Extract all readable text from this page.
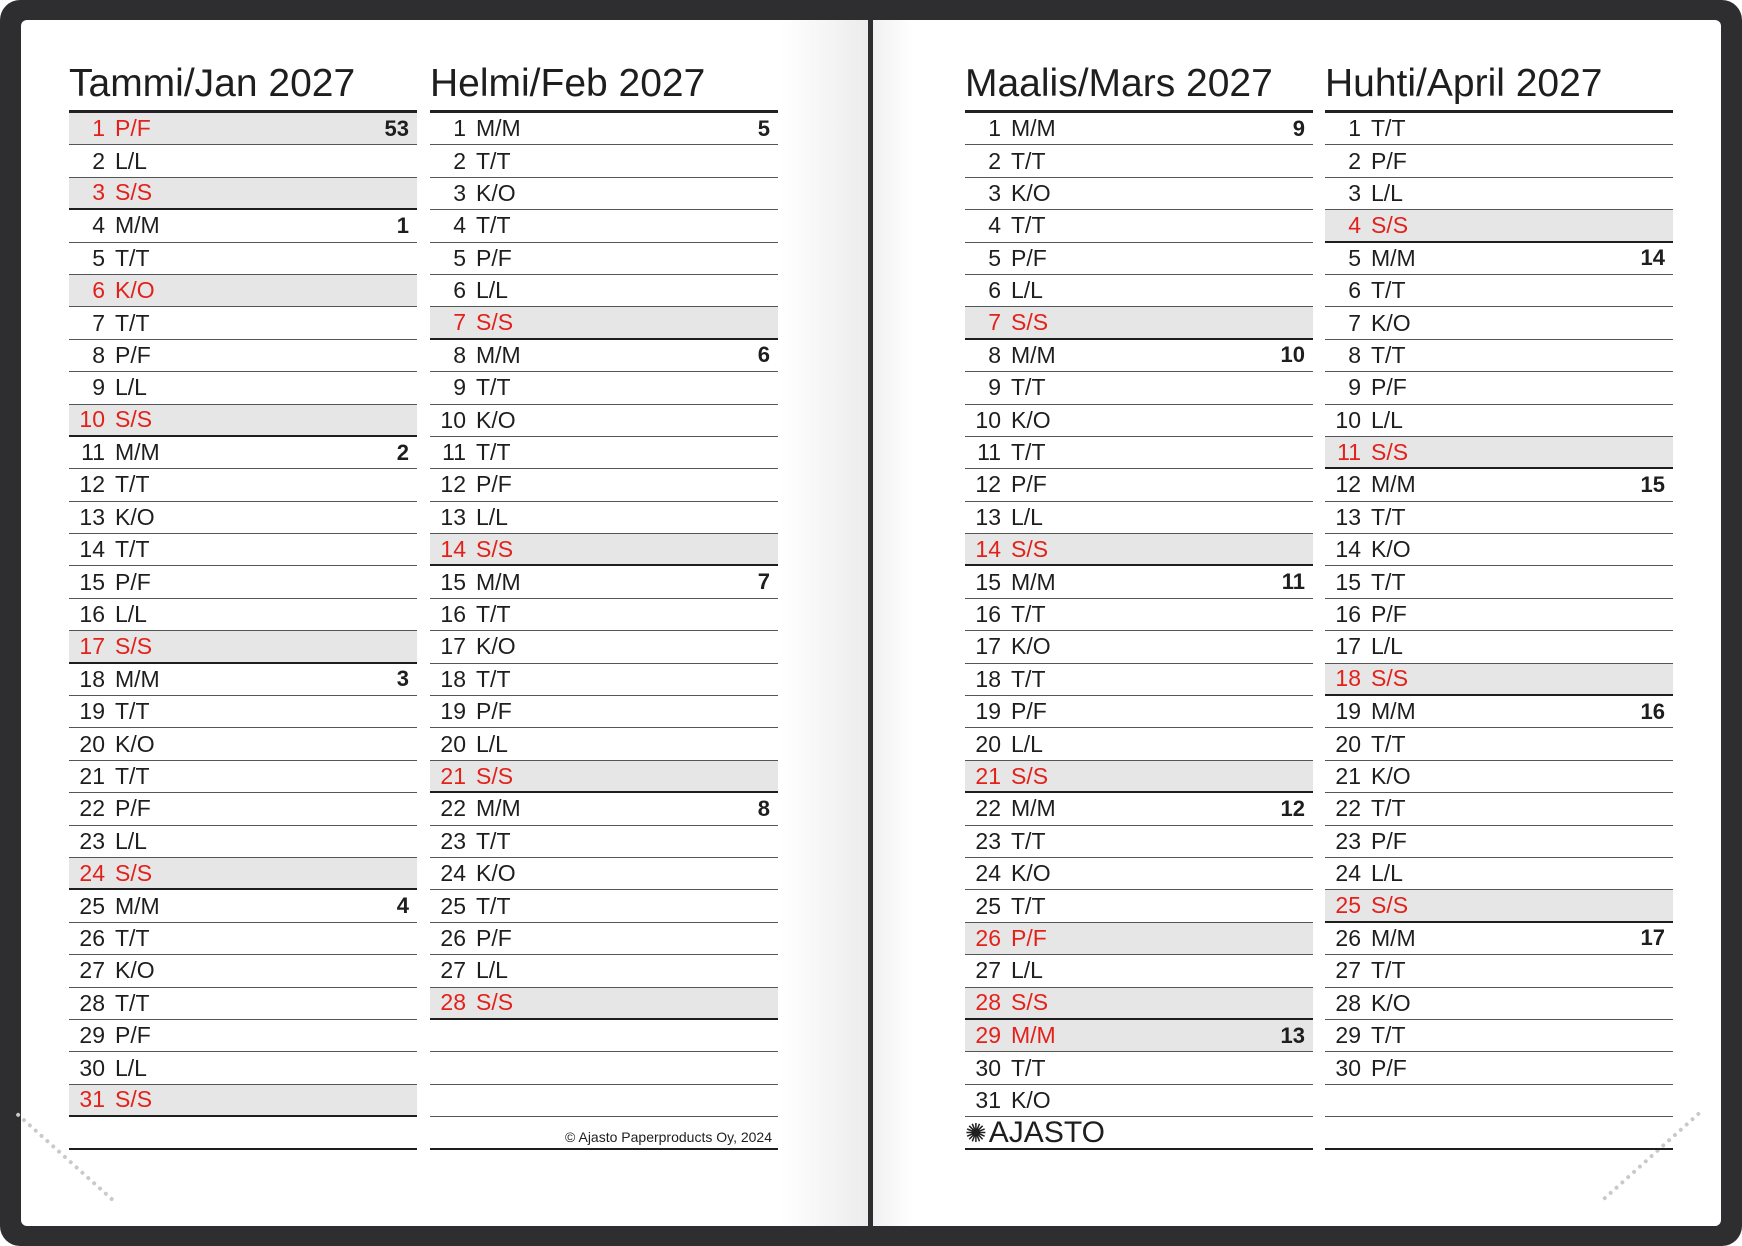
Tammi/Jan 2027
1 P/F	53
2 L/L
3 S/S
4 M/M	1
5 T/T
6 K/O
7 T/T
8 P/F
9 L/L
10 S/S
11 M/M	2
12 T/T
13 K/O
14 T/T
15 P/F
16 L/L
17 S/S
18 M/M	3
19 T/T
20 K/O
21 T/T
22 P/F
23 L/L
24 S/S
25 M/M	4
26 T/T
27 K/O
28 T/T
29 P/F
30 L/L
31 S/S
Helmi/Feb 2027
1 M/M	5
2 T/T
3 K/O
4 T/T
5 P/F
6 L/L
7 S/S
8 M/M	6
9 T/T
10 K/O
11 T/T
12 P/F
13 L/L
14 S/S
15 M/M	7
16 T/T
17 K/O
18 T/T
19 P/F
20 L/L
21 S/S
22 M/M	8
23 T/T
24 K/O
25 T/T
26 P/F
27 L/L
28 S/S
© Ajasto Paperproducts Oy, 2024
Maalis/Mars 2027
1 M/M	9
2 T/T
3 K/O
4 T/T
5 P/F
6 L/L
7 S/S
8 M/M	10
9 T/T
10 K/O
11 T/T
12 P/F
13 L/L
14 S/S
15 M/M	11
16 T/T
17 K/O
18 T/T
19 P/F
20 L/L
21 S/S
22 M/M	12
23 T/T
24 K/O
25 T/T
26 P/F
27 L/L
28 S/S
29 M/M	13
30 T/T
31 K/O
✺ AJASTO
Huhti/April 2027
1 T/T
2 P/F
3 L/L
4 S/S
5 M/M	14
6 T/T
7 K/O
8 T/T
9 P/F
10 L/L
11 S/S
12 M/M	15
13 T/T
14 K/O
15 T/T
16 P/F
17 L/L
18 S/S
19 M/M	16
20 T/T
21 K/O
22 T/T
23 P/F
24 L/L
25 S/S
26 M/M	17
27 T/T
28 K/O
29 T/T
30 P/F
